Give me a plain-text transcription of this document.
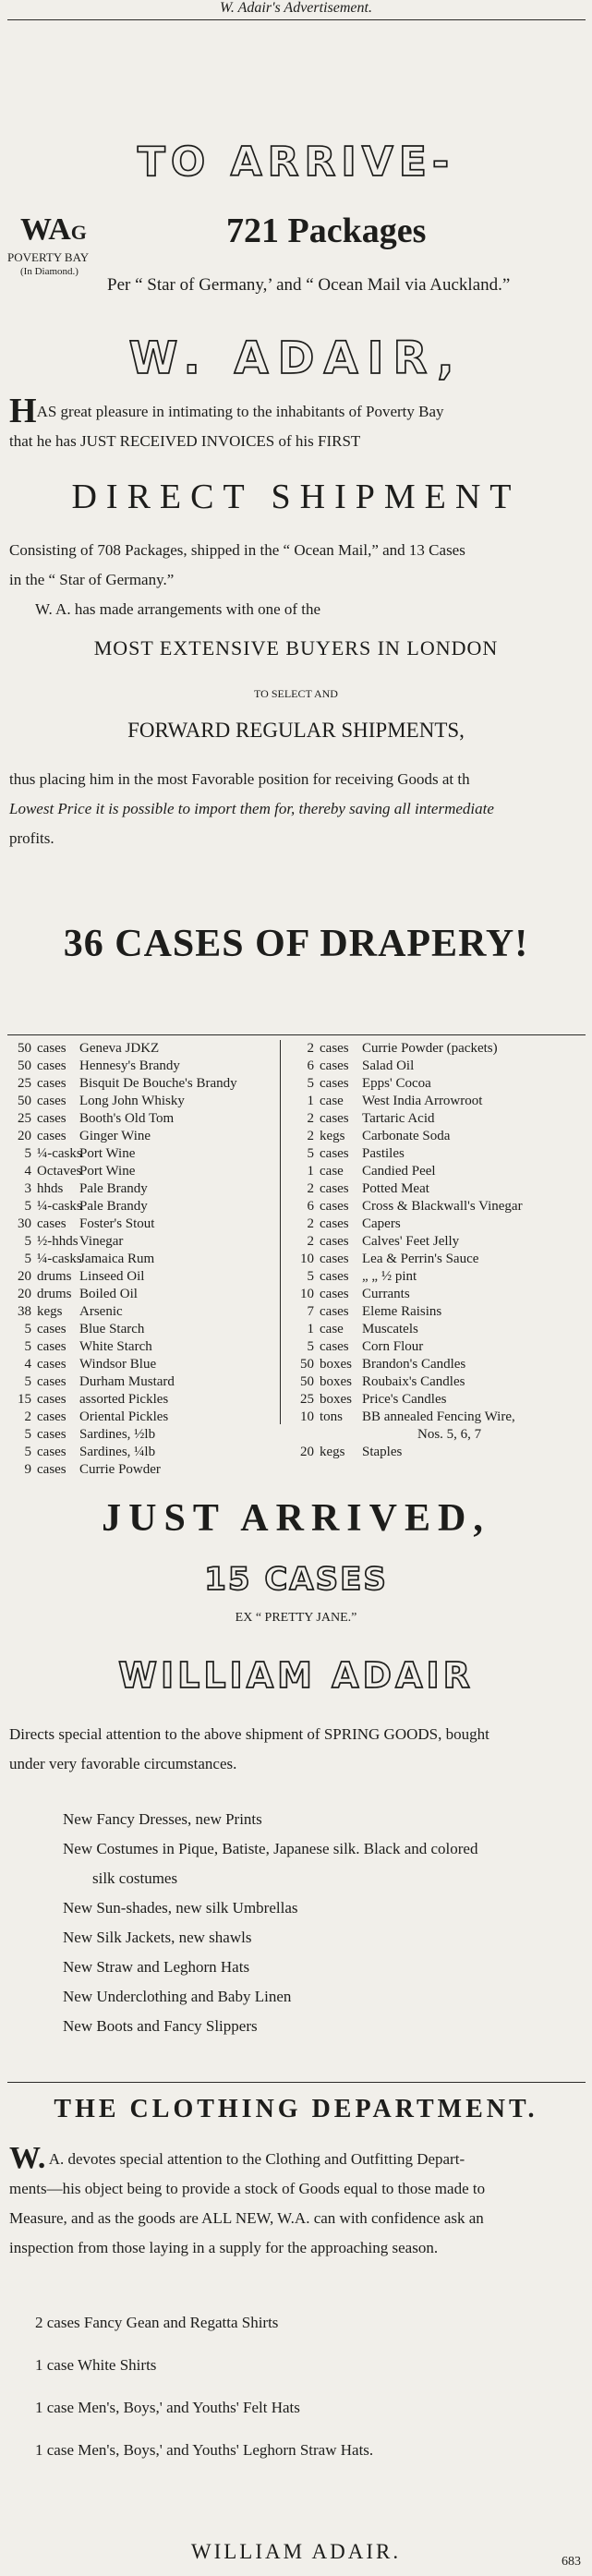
W. Adair's Advertisement.
TO ARRIVE-
WAG	721 Packages
POVERTY BAY
(In Diamond.)
Per “ Star of Germany,’ and “ Ocean Mail via Auckland.”
W. ADAIR,
HAS great pleasure in intimating to the inhabitants of Poverty Bay
that he has JUST RECEIVED INVOICES of his FIRST
DIRECT SHIPMENT
Consisting of 708 Packages, shipped in the “ Ocean Mail,” and 13 Cases
in the “ Star of Germany.”
W. A. has made arrangements with one of the
MOST EXTENSIVE BUYERS IN LONDON
TO SELECT AND
FORWARD REGULAR SHIPMENTS,
thus placing him in the most Favorable position for receiving Goods at th
Lowest Price it is possible to import them for, thereby saving all intermediate
profits.
36 CASES OF DRAPERY!
50 cases Geneva JDKZ
50 cases Hennesy's Brandy
25 cases Bisquit De Bouche's Brandy
50 cases Long John Whisky
25 cases Booth's Old Tom
20 cases Ginger Wine
5 ¼-casksPort Wine
4 OctavesPort Wine
3 hhds Pale Brandy
5 ¼-casksPale Brandy
30 cases Foster's Stout
5 ½-hhdsVinegar
5 ¼-casksJamaica Rum
20 drums Linseed Oil
20 drums Boiled Oil
38 kegs Arsenic
5 cases Blue Starch
5 cases White Starch
4 cases Windsor Blue
5 cases Durham Mustard
15 cases assorted Pickles
2 cases Oriental Pickles
5 cases Sardines, ½lb
5 cases Sardines, ¼lb
9 cases Currie Powder
2 cases Currie Powder (packets)
6 cases Salad Oil
5 cases Epps' Cocoa
1 case West India Arrowroot
2 cases Tartaric Acid
2 kegs Carbonate Soda
5 cases Pastiles
1 case Candied Peel
2 cases Potted Meat
6 cases Cross & Blackwall's Vinegar
2 cases Capers
2 cases Calves' Feet Jelly
10 cases Lea & Perrin's Sauce
5 cases „ „ ½ pint
10 cases Currants
7 cases Eleme Raisins
1 case Muscatels
5 cases Corn Flour
50 boxes Brandon's Candles
50 boxes Roubaix's Candles
25 boxes Price's Candles
10 tons BB annealed Fencing Wire,
Nos. 5, 6, 7
20 kegs Staples
JUST ARRIVED,
15 CASES
EX “ PRETTY JANE.”
WILLIAM ADAIR
Directs special attention to the above shipment of SPRING GOODS, bought
under very favorable circumstances.
New Fancy Dresses, new Prints
New Costumes in Pique, Batiste, Japanese silk. Black and colored
silk costumes
New Sun-shades, new silk Umbrellas
New Silk Jackets, new shawls
New Straw and Leghorn Hats
New Underclothing and Baby Linen
New Boots and Fancy Slippers
THE CLOTHING DEPARTMENT.
W. A. devotes special attention to the Clothing and Outfitting Depart-
ments—his object being to provide a stock of Goods equal to those made to
Measure, and as the goods are ALL NEW, W.A. can with confidence ask an
inspection from those laying in a supply for the approaching season.
2 cases Fancy Gean and Regatta Shirts
1 case White Shirts
1 case Men's, Boys,' and Youths' Felt Hats
1 case Men's, Boys,' and Youths' Leghorn Straw Hats.
WILLIAM ADAIR.	683
